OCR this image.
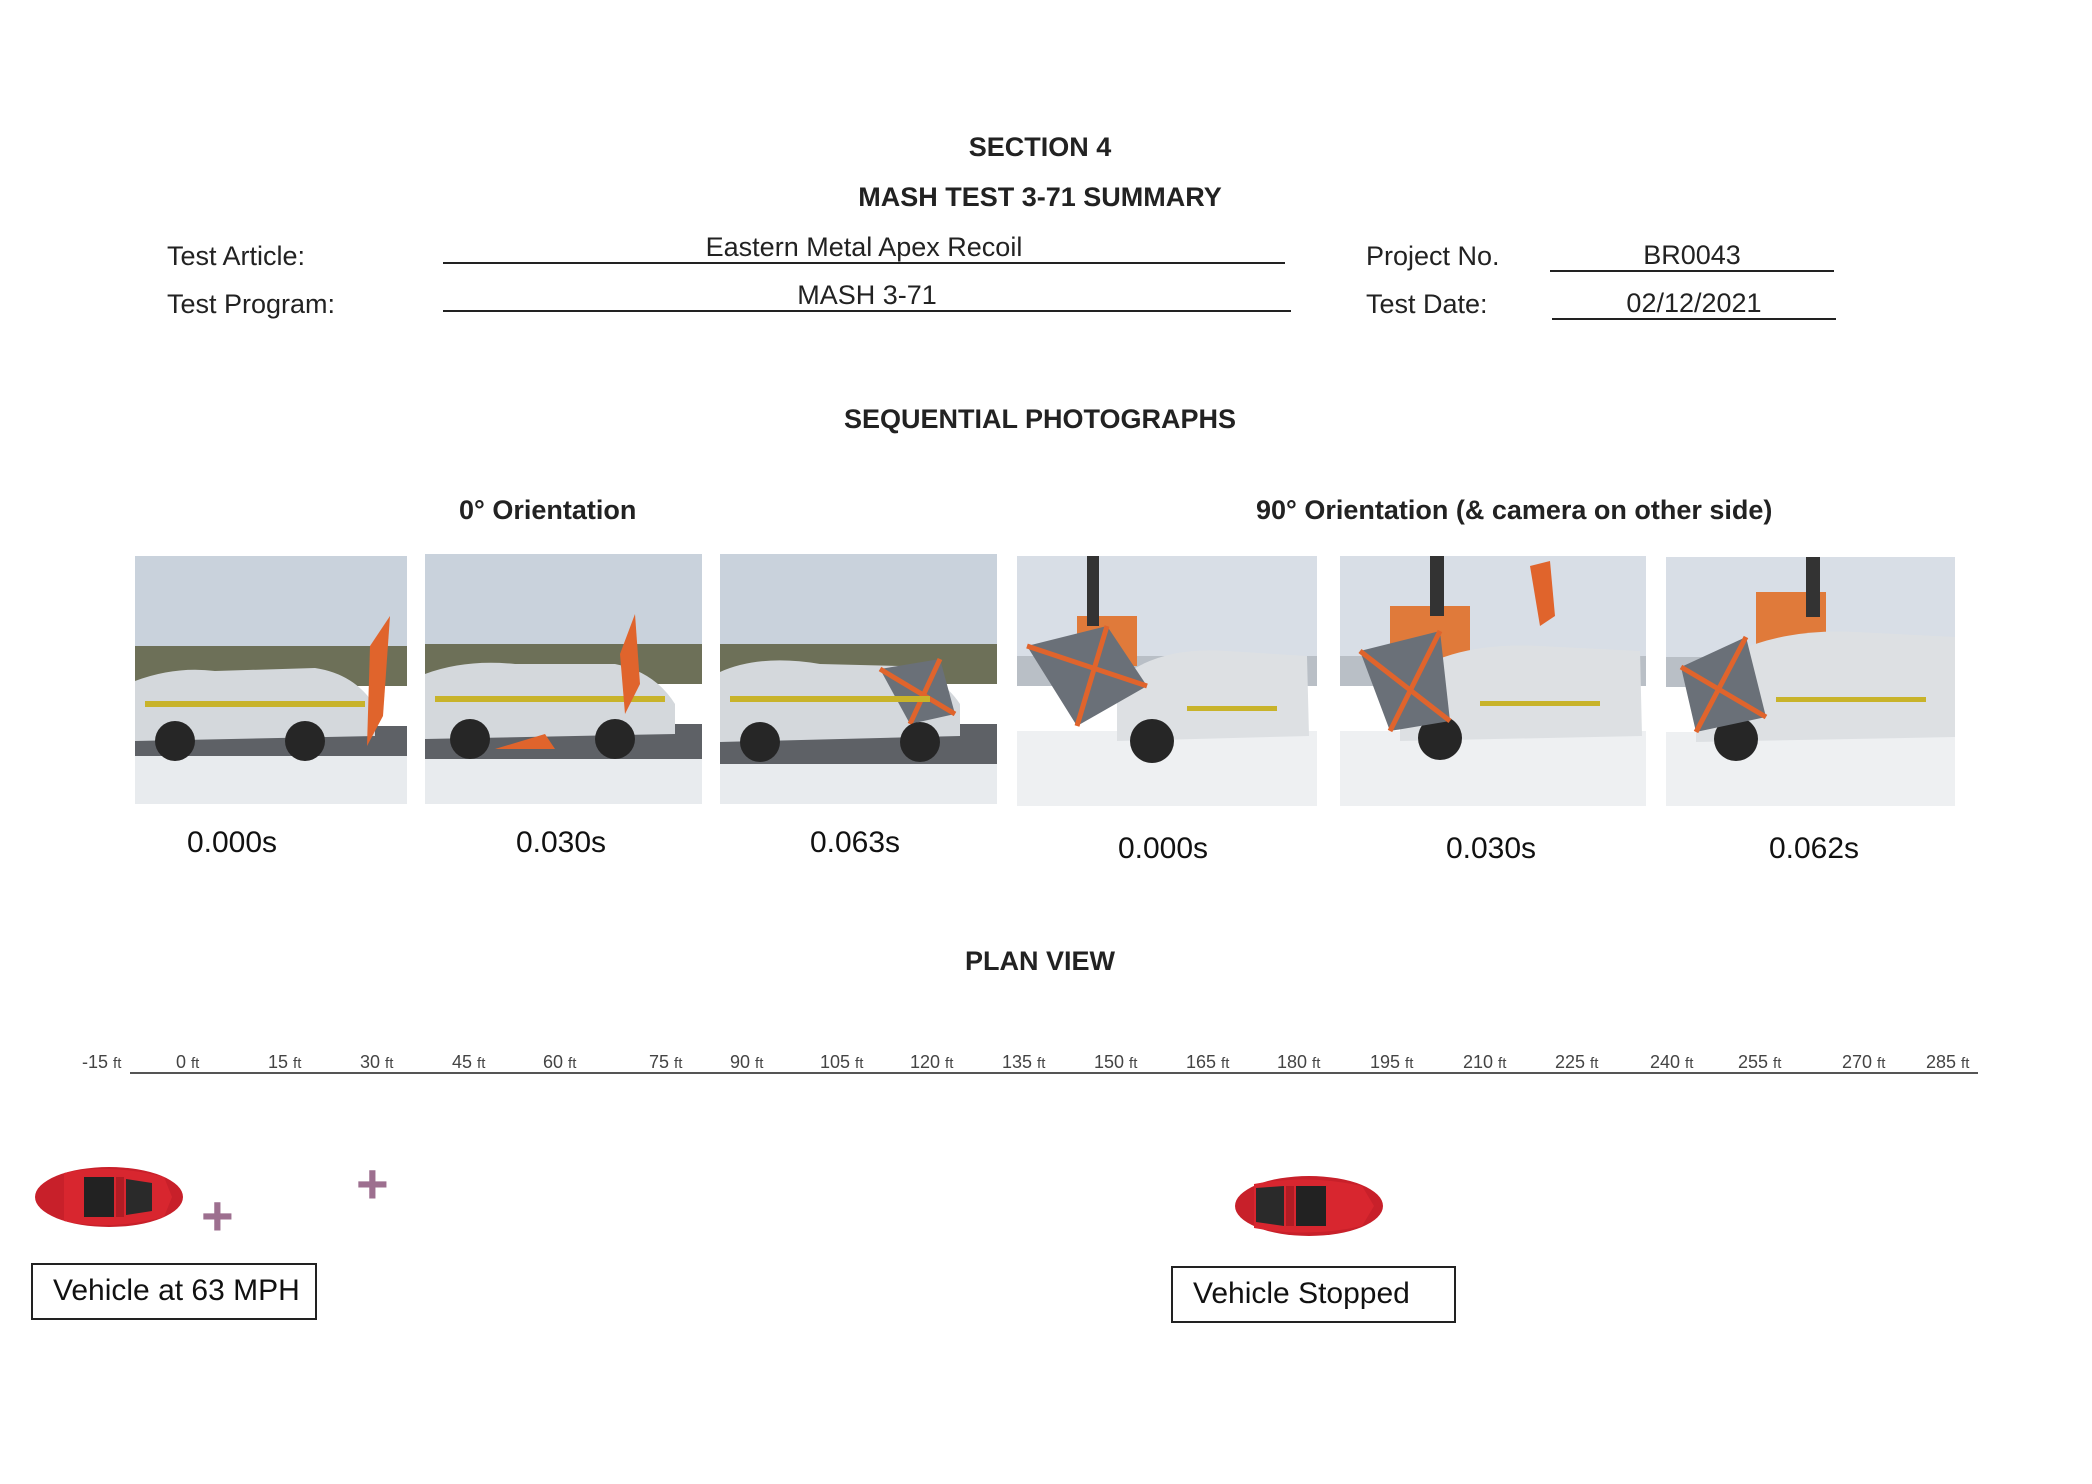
SECTION 4
MASH TEST 3-71 SUMMARY
Test Article:	Eastern Metal Apex Recoil
Test Program:	MASH 3-71
Project No.	BR0043
Test Date:	02/12/2021
SEQUENTIAL PHOTOGRAPHS
0° Orientation	90° Orientation (& camera on other side)
0.000s	0.030s	0.063s	0.000s	0.030s	0.062s
PLAN VIEW
-15 ft	0 ft	15 ft	30 ft	45 ft	60 ft	75 ft	90 ft	105 ft	120 ft	135 ft	150 ft	165 ft	180 ft	195 ft	210 ft	225 ft	240 ft 255 ft	270 ft 285 ft
+
+
Vehicle at 63 MPH	Vehicle Stopped
